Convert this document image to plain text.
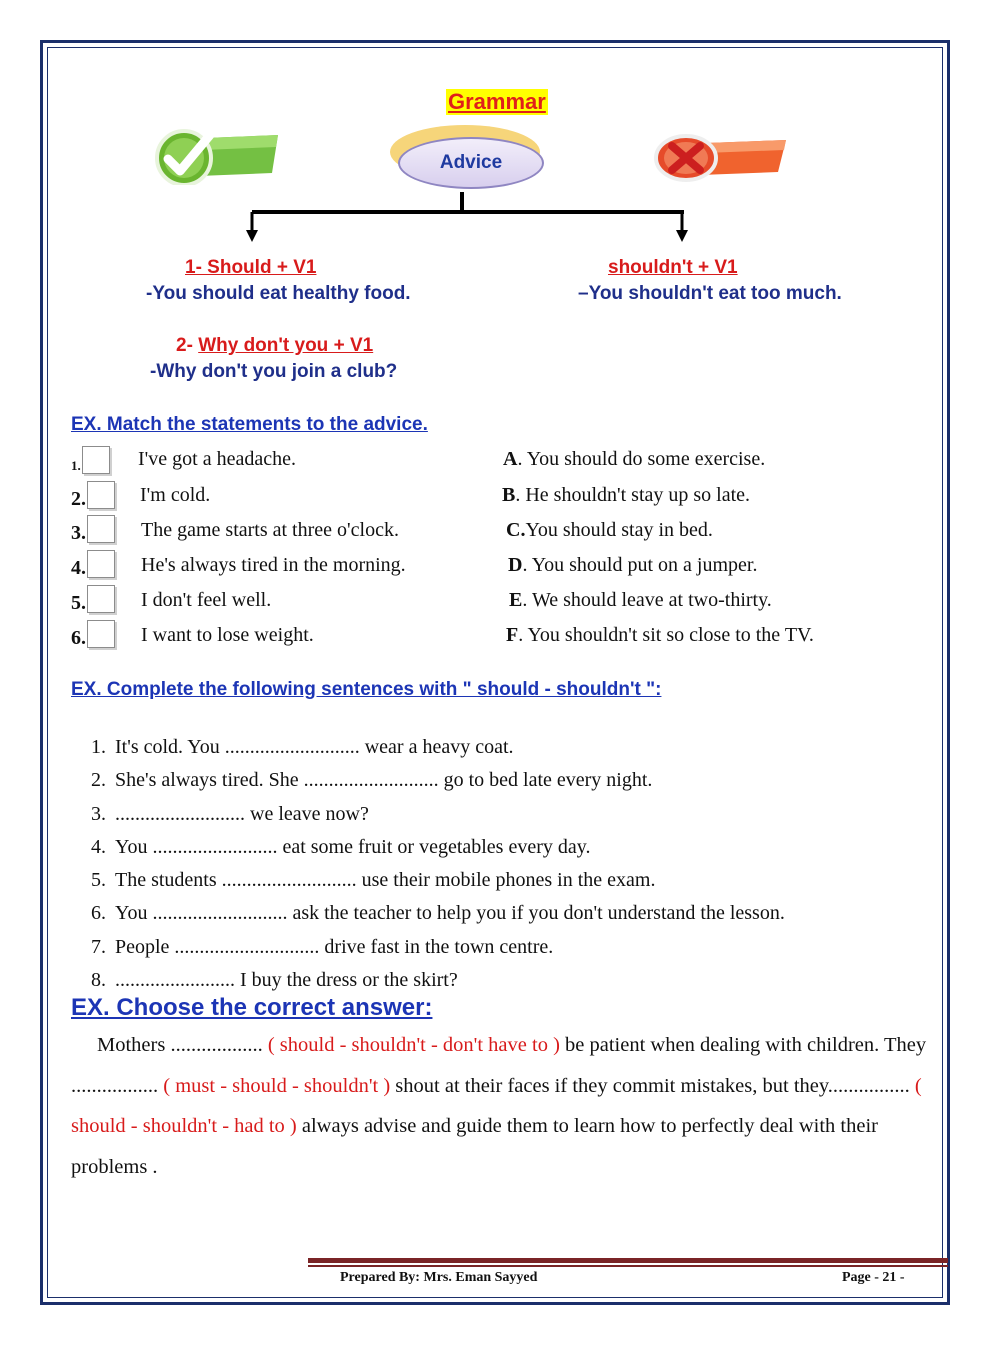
Grammar
Advice
1- Should + V1
-You should eat healthy food.
shouldn't + V1
–You shouldn't eat too much.
2- Why don't you + V1
-Why don't you join a club?
EX. Match the statements to the advice.
1.	I've got a headache.	A. You should do some exercise.
2.	I'm cold.	B. He shouldn't stay up so late.
3.	The game starts at three o'clock.	C.You should stay in bed.
4.	He's always tired in the morning.	D. You should put on a jumper.
5.	I don't feel well.	E. We should leave at two-thirty.
6.	I want to lose weight.	F. You shouldn't sit so close to the TV.
EX. Complete the following sentences with " should - shouldn't ":
1. It's cold. You ........................... wear a heavy coat.
2. She's always tired. She ........................... go to bed late every night.
3. .......................... we leave now?
4. You ......................... eat some fruit or vegetables every day.
5. The students ........................... use their mobile phones in the exam.
6. You ........................... ask the teacher to help you if you don't understand the lesson.
7. People ............................. drive fast in the town centre.
8. ........................ I buy the dress or the skirt?
EX. Choose the correct answer:
Mothers .................. ( should - shouldn't - don't have to ) be patient when dealing with children. They ................. ( must - should - shouldn't ) shout at their faces if they commit mistakes, but they................ ( should - shouldn't - had to ) always advise and guide them to learn how to perfectly deal with their problems .
Prepared By: Mrs. Eman Sayyed	Page - 21 -
